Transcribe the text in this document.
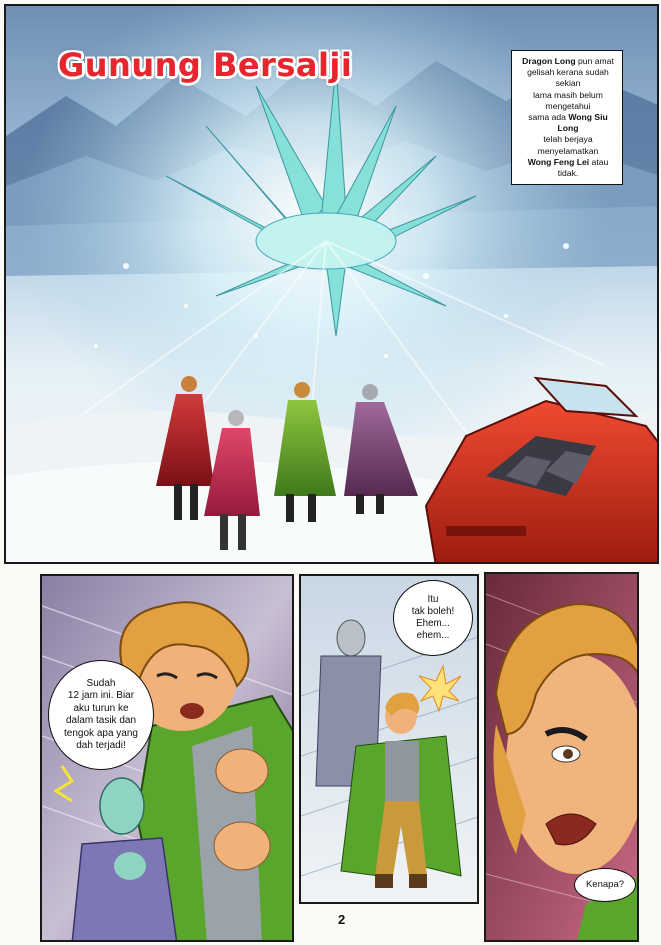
Gunung Bersalji	Dragon Long pun amat
gelisah kerana sudah sekian
lama masih belum mengetahui
sama ada Wong Siu Long
telah berjaya menyelamatkan
Wong Feng Lei atau tidak.
Sudah
12 jam ini. Biar
aku turun ke
dalam tasik dan
tengok apa yang
dah terjadi!
Itu
tak boleh!
Ehem...
ehem...
Kenapa?
2
